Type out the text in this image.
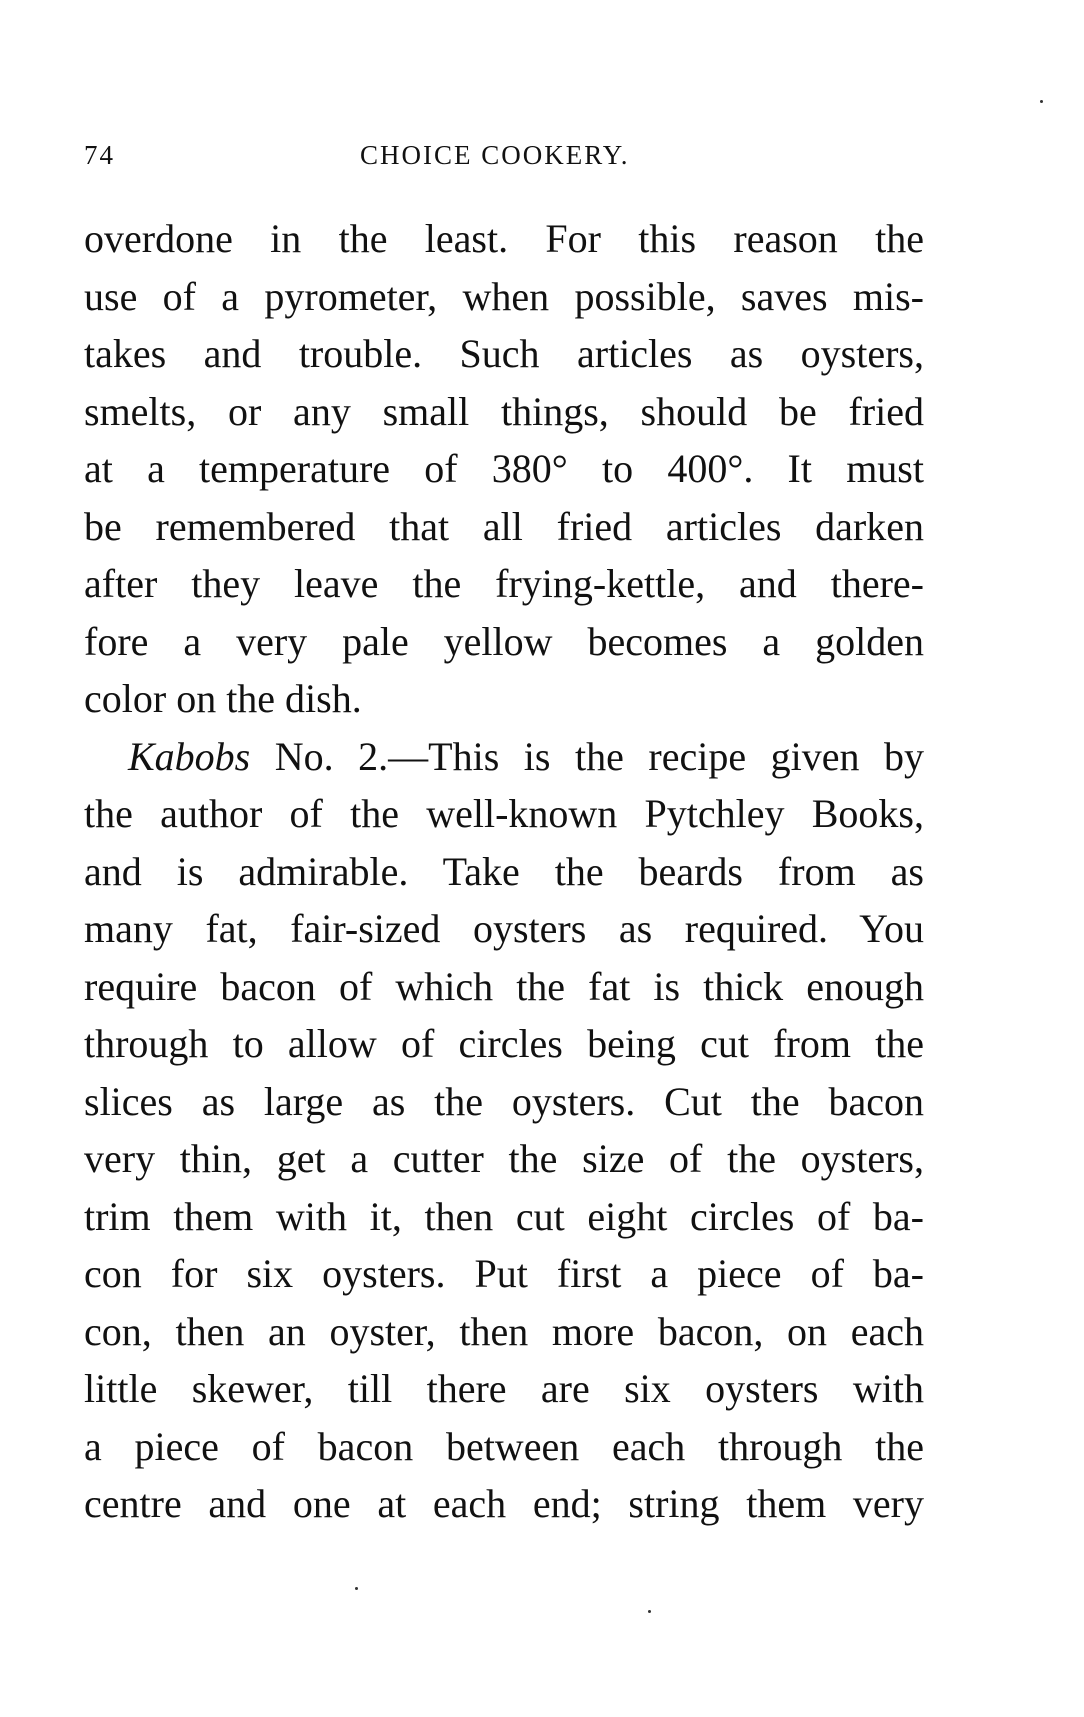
74	CHOICE COOKERY.
overdone in the least. For this reason the
use of a pyrometer, when possible, saves mis-
takes and trouble. Such articles as oysters,
smelts, or any small things, should be fried
at a temperature of 380° to 400°. It must
be remembered that all fried articles darken
after they leave the frying-kettle, and there-
fore a very pale yellow becomes a golden
color on the dish.
Kabobs No. 2.—This is the recipe given by
the author of the well-known Pytchley Books,
and is admirable. Take the beards from as
many fat, fair-sized oysters as required. You
require bacon of which the fat is thick enough
through to allow of circles being cut from the
slices as large as the oysters. Cut the bacon
very thin, get a cutter the size of the oysters,
trim them with it, then cut eight circles of ba-
con for six oysters. Put first a piece of ba-
con, then an oyster, then more bacon, on each
little skewer, till there are six oysters with
a piece of bacon between each through the
centre and one at each end; string them very
